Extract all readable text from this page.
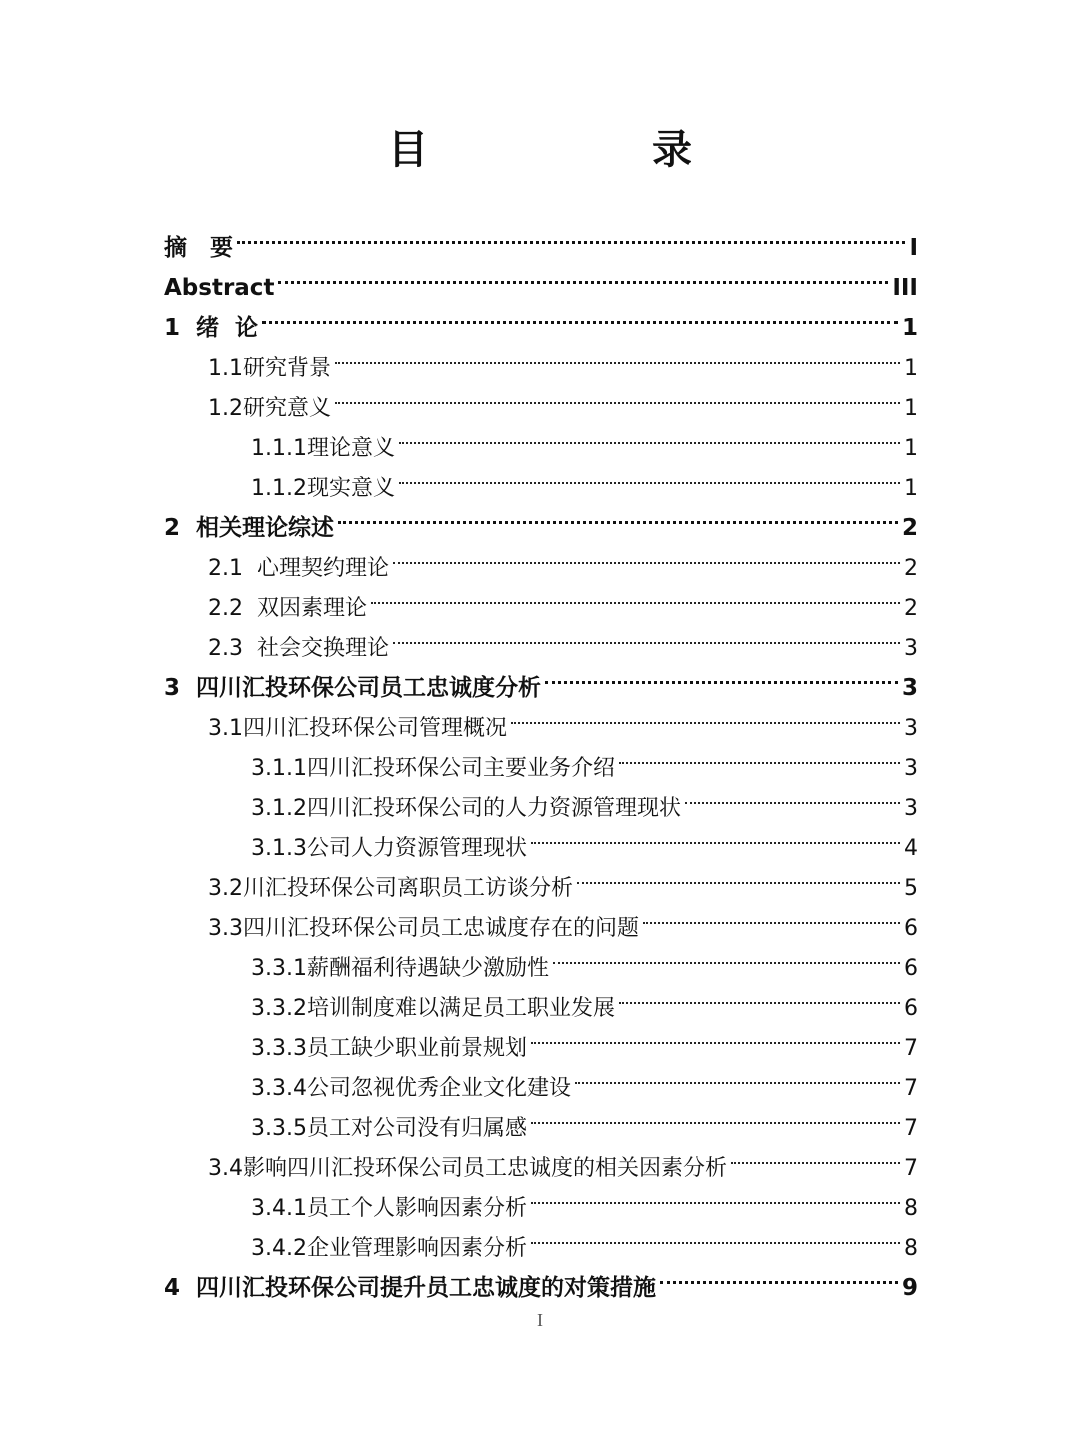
目　　录
摘　要	I
Abstract	III
1  绪  论	1
1.1研究背景	1
1.2研究意义	1
1.1.1理论意义	1
1.1.2现实意义	1
2  相关理论综述	2
2.1  心理契约理论	2
2.2  双因素理论	2
2.3  社会交换理论	3
3  四川汇投环保公司员工忠诚度分析	3
3.1四川汇投环保公司管理概况	3
3.1.1四川汇投环保公司主要业务介绍	3
3.1.2四川汇投环保公司的人力资源管理现状	3
3.1.3公司人力资源管理现状	4
3.2川汇投环保公司离职员工访谈分析	5
3.3四川汇投环保公司员工忠诚度存在的问题	6
3.3.1薪酬福利待遇缺少激励性	6
3.3.2培训制度难以满足员工职业发展	6
3.3.3员工缺少职业前景规划	7
3.3.4公司忽视优秀企业文化建设	7
3.3.5员工对公司没有归属感	7
3.4影响四川汇投环保公司员工忠诚度的相关因素分析	7
3.4.1员工个人影响因素分析	8
3.4.2企业管理影响因素分析	8
4  四川汇投环保公司提升员工忠诚度的对策措施	9
I
